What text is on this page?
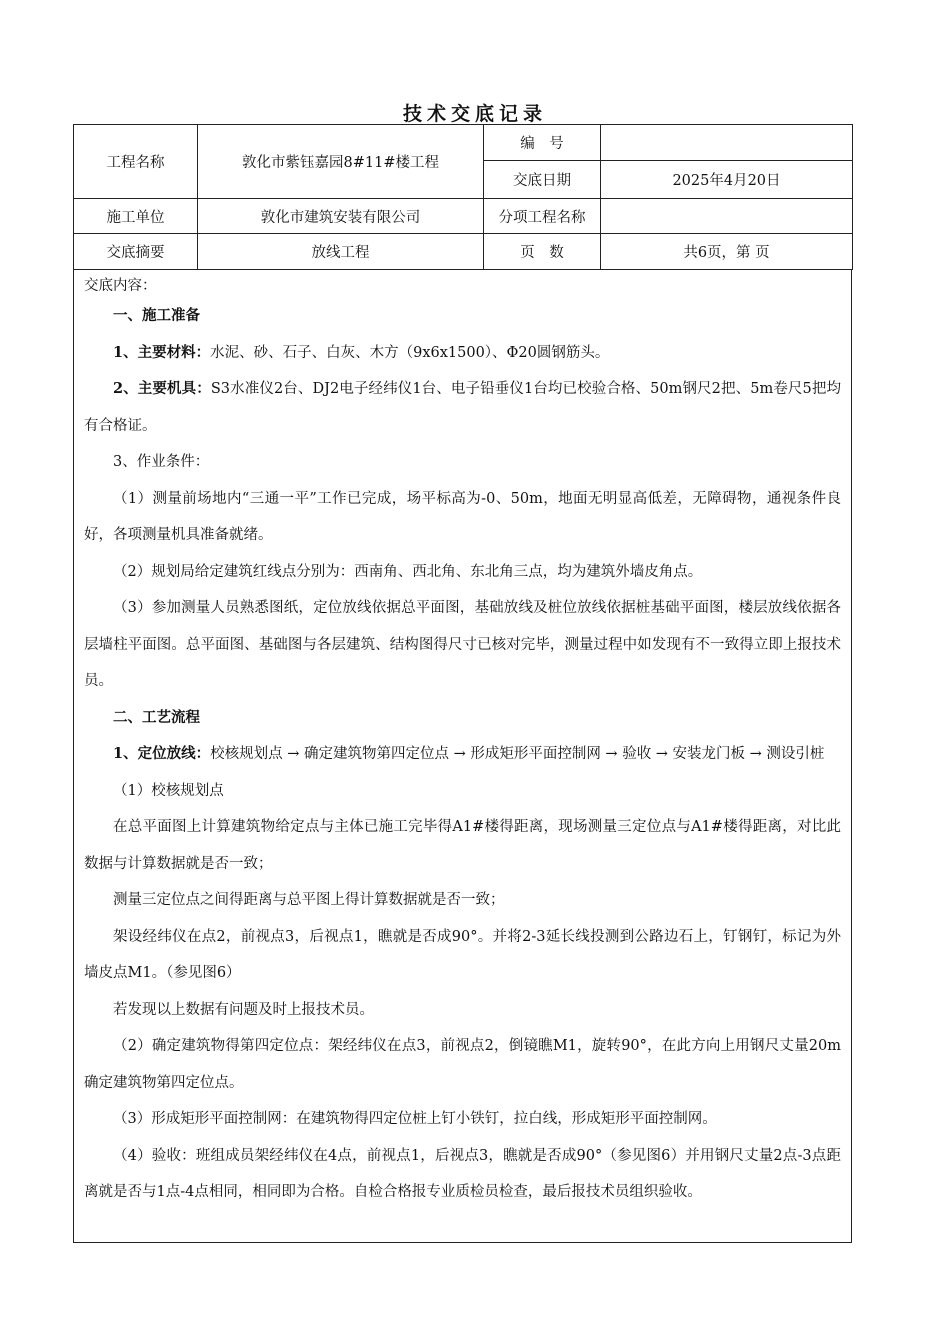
技术交底记录
工程名称	敦化市紫钰嘉园8#11#楼工程	编　号	
		交底日期	2025年4月20日
施工单位	敦化市建筑安装有限公司	分项工程名称	
交底摘要	放线工程	页　数	共6页，第 页

交底内容：

一、施工准备

1、主要材料：水泥、砂、石子、白灰、木方（9x6x1500）、Φ20圆钢筋头。

2、主要机具：S3水准仪2台、DJ2电子经纬仪1台、电子铅垂仪1台均已校验合格、50m钢尺2把、5m卷尺5把均有合格证。

3、作业条件：

（1）测量前场地内“三通一平”工作已完成，场平标高为-0、50m，地面无明显高低差，无障碍物，通视条件良好，各项测量机具准备就绪。

（2）规划局给定建筑红线点分别为：西南角、西北角、东北角三点，均为建筑外墙皮角点。

（3）参加测量人员熟悉图纸，定位放线依据总平面图，基础放线及桩位放线依据桩基础平面图，楼层放线依据各层墙柱平面图。总平面图、基础图与各层建筑、结构图得尺寸已核对完毕，测量过程中如发现有不一致得立即上报技术员。

二、工艺流程

1、定位放线：校核规划点 → 确定建筑物第四定位点 → 形成矩形平面控制网 → 验收 → 安装龙门板 → 测设引桩

（1）校核规划点

在总平面图上计算建筑物给定点与主体已施工完毕得A1#楼得距离，现场测量三定位点与A1#楼得距离，对比此数据与计算数据就是否一致；

测量三定位点之间得距离与总平图上得计算数据就是否一致；

架设经纬仪在点2，前视点3，后视点1，瞧就是否成90°。并将2-3延长线投测到公路边石上，钉钢钉，标记为外墙皮点M1。（参见图6）

若发现以上数据有问题及时上报技术员。

（2）确定建筑物得第四定位点：架经纬仪在点3，前视点2，倒镜瞧M1，旋转90°，在此方向上用钢尺丈量20m确定建筑物第四定位点。

（3）形成矩形平面控制网：在建筑物得四定位桩上钉小铁钉，拉白线，形成矩形平面控制网。

（4）验收：班组成员架经纬仪在4点，前视点1，后视点3，瞧就是否成90°（参见图6）并用钢尺丈量2点-3点距离就是否与1点-4点相同，相同即为合格。自检合格报专业质检员检查，最后报技术员组织验收。
